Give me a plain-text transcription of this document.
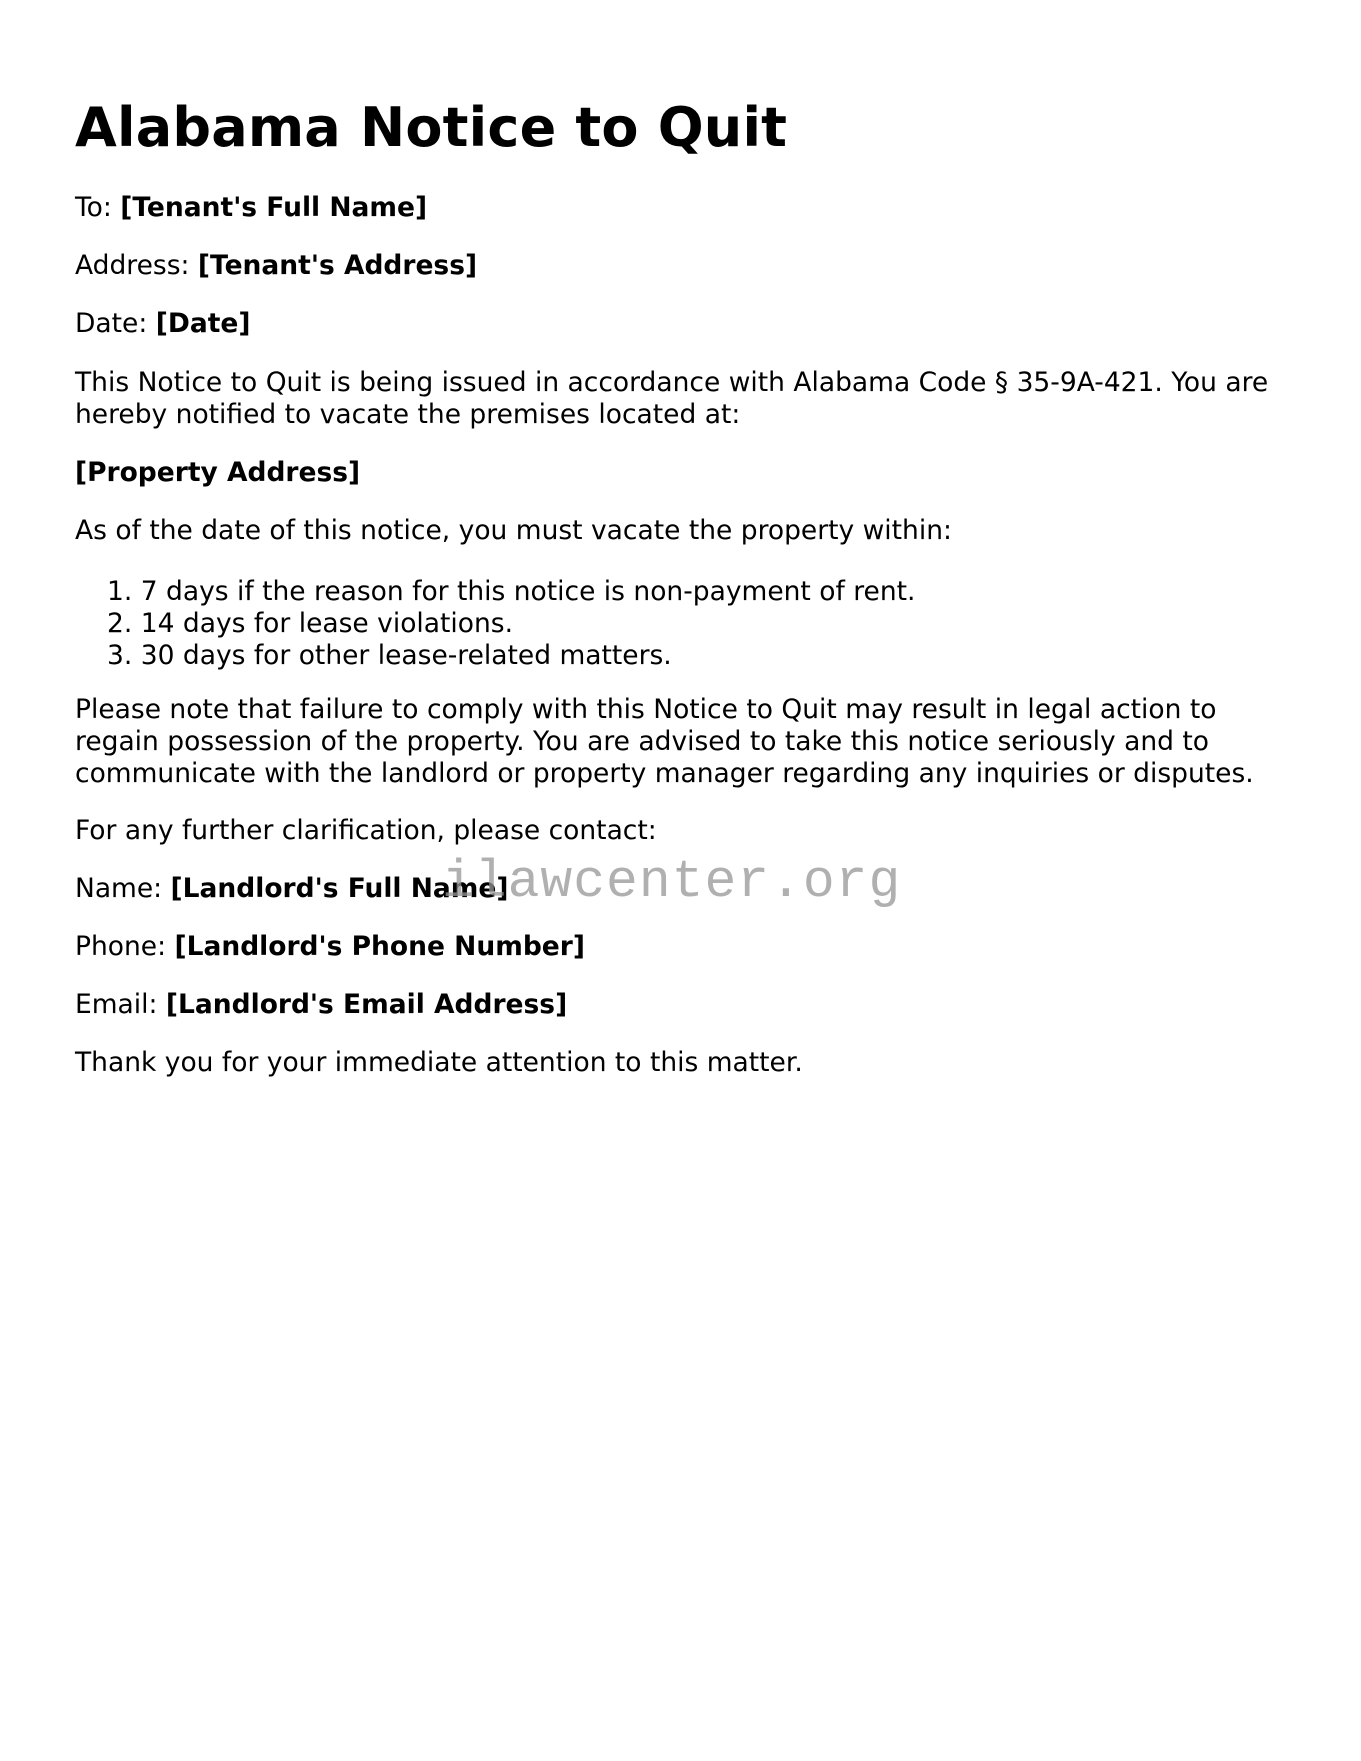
Alabama Notice to Quit

To: [Tenant's Full Name]

Address: [Tenant's Address]

Date: [Date]

This Notice to Quit is being issued in accordance with Alabama Code § 35-9A-421. You are hereby notified to vacate the premises located at:

[Property Address]

As of the date of this notice, you must vacate the property within:

1. 7 days if the reason for this notice is non-payment of rent.
2. 14 days for lease violations.
3. 30 days for other lease-related matters.

Please note that failure to comply with this Notice to Quit may result in legal action to regain possession of the property. You are advised to take this notice seriously and to communicate with the landlord or property manager regarding any inquiries or disputes.

For any further clarification, please contact:

Name: [Landlord's Full Name]

Phone: [Landlord's Phone Number]

Email: [Landlord's Email Address]

Thank you for your immediate attention to this matter.

ilawcenter.org
